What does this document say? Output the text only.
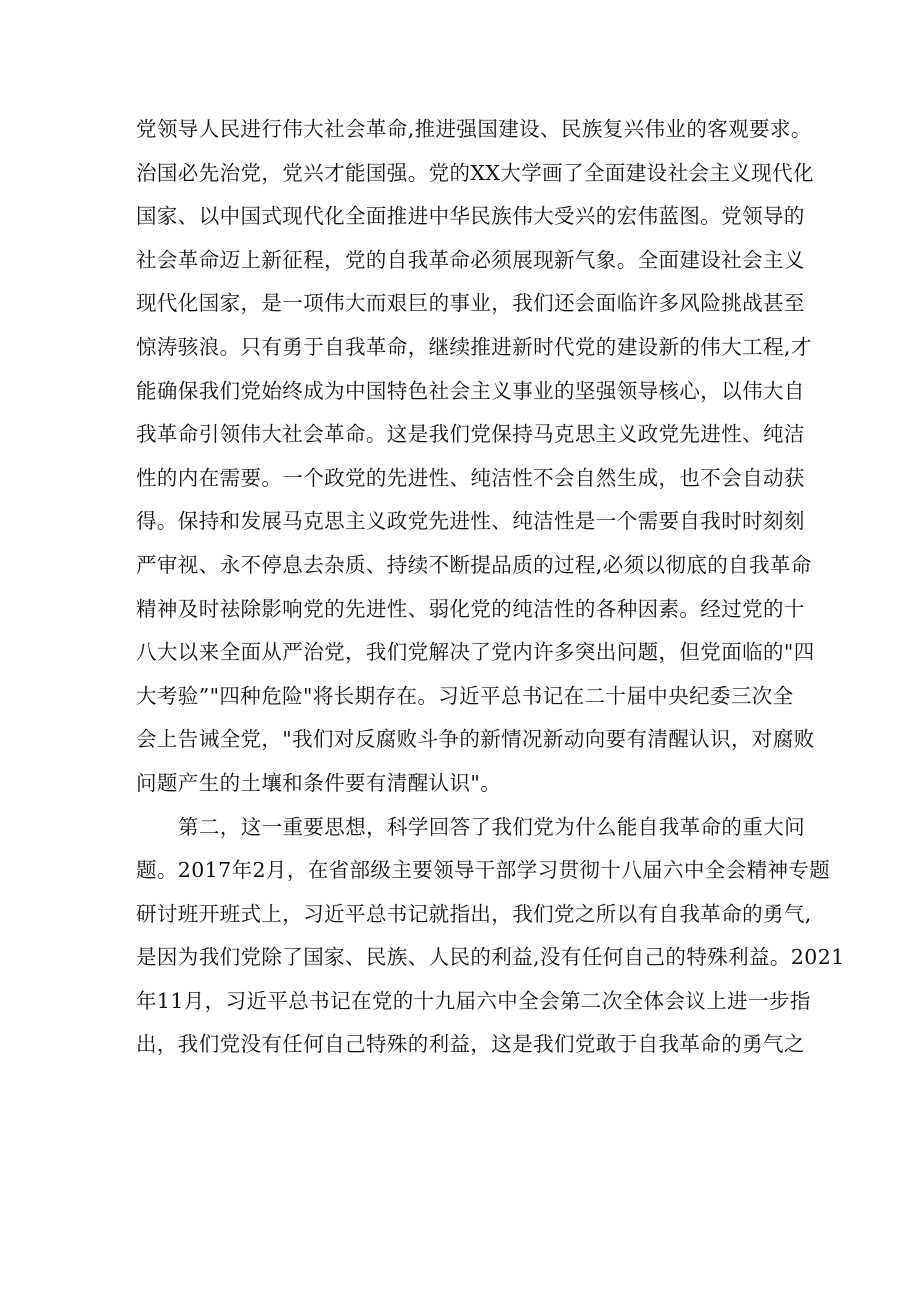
党领导人民进行伟大社会革命,推进强国建设、民族复兴伟业的客观要求。
治国必先治党，党兴才能国强。党的XX大学画了全面建设社会主义现代化
国家、以中国式现代化全面推进中华民族伟大受兴的宏伟蓝图。党领导的
社会革命迈上新征程，党的自我革命必须展现新气象。全面建设社会主义
现代化国家，是一项伟大而艰巨的事业，我们还会面临许多风险挑战甚至
惊涛骇浪。只有勇于自我革命，继续推进新时代党的建设新的伟大工程,才
能确保我们党始终成为中国特色社会主义事业的坚强领导核心，以伟大自
我革命引领伟大社会革命。这是我们党保持马克思主义政党先进性、纯洁
性的内在需要。一个政党的先进性、纯洁性不会自然生成，也不会自动获
得。保持和发展马克思主义政党先进性、纯洁性是一个需要自我时时刻刻
严审视、永不停息去杂质、持续不断提品质的过程,必须以彻底的自我革命
精神及时祛除影响党的先进性、弱化党的纯洁性的各种因素。经过党的十
八大以来全面从严治党，我们党解决了党内许多突出问题，但党面临的"四
大考验”"四种危险"将长期存在。习近平总书记在二十届中央纪委三次全
会上告诫全党，"我们对反腐败斗争的新情况新动向要有清醒认识，对腐败
问题产生的土壤和条件要有清醒认识"。
第二，这一重要思想，科学回答了我们党为什么能自我革命的重大问
题。2017年2月，在省部级主要领导干部学习贯彻十八届六中全会精神专题
研讨班开班式上，习近平总书记就指出，我们党之所以有自我革命的勇气,
是因为我们党除了国家、民族、人民的利益,没有任何自己的特殊利益。2021
年11月，习近平总书记在党的十九届六中全会第二次全体会议上进一步指
出，我们党没有任何自己特殊的利益，这是我们党敢于自我革命的勇气之
